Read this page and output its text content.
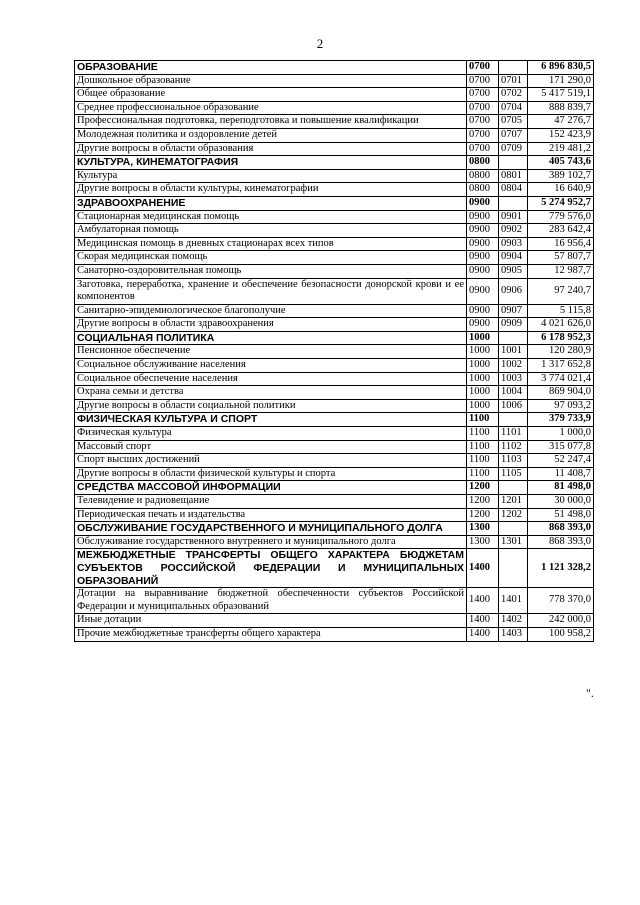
2
ОБРАЗОВАНИЕ	0700		6 896 830,5
Дошкольное образование	0700	0701	171 290,0
Общее образование	0700	0702	5 417 519,1
Среднее профессиональное образование	0700	0704	888 839,7
Профессиональная подготовка, переподготовка и повышение квалификации	0700	0705	47 276,7
Молодежная политика и оздоровление детей	0700	0707	152 423,9
Другие вопросы в области образования	0700	0709	219 481,2
КУЛЬТУРА, КИНЕМАТОГРАФИЯ	0800		405 743,6
Культура	0800	0801	389 102,7
Другие вопросы в области культуры, кинематографии	0800	0804	16 640,9
ЗДРАВООХРАНЕНИЕ	0900		5 274 952,7
Стационарная медицинская помощь	0900	0901	779 576,0
Амбулаторная помощь	0900	0902	283 642,4
Медицинская помощь в дневных стационарах всех типов	0900	0903	16 956,4
Скорая медицинская помощь	0900	0904	57 807,7
Санаторно-оздоровительная помощь	0900	0905	12 987,7
Заготовка, переработка, хранение и обеспечение безопасности донорской крови и ее компонентов	0900	0906	97 240,7
Санитарно-эпидемиологическое благополучие	0900	0907	5 115,8
Другие вопросы в области здравоохранения	0900	0909	4 021 626,0
СОЦИАЛЬНАЯ ПОЛИТИКА	1000		6 178 952,3
Пенсионное обеспечение	1000	1001	120 280,9
Социальное обслуживание населения	1000	1002	1 317 652,8
Социальное обеспечение населения	1000	1003	3 774 021,4
Охрана семьи и детства	1000	1004	869 904,0
Другие вопросы в области социальной политики	1000	1006	97 093,2
ФИЗИЧЕСКАЯ КУЛЬТУРА И СПОРТ	1100		379 733,9
Физическая культура	1100	1101	1 000,0
Массовый спорт	1100	1102	315 077,8
Спорт высших достижений	1100	1103	52 247,4
Другие вопросы в области физической культуры и спорта	1100	1105	11 408,7
СРЕДСТВА МАССОВОЙ ИНФОРМАЦИИ	1200		81 498,0
Телевидение и радиовещание	1200	1201	30 000,0
Периодическая печать и издательства	1200	1202	51 498,0
ОБСЛУЖИВАНИЕ ГОСУДАРСТВЕННОГО И МУНИЦИПАЛЬНОГО ДОЛГА	1300		868 393,0
Обслуживание государственного внутреннего и муниципального долга	1300	1301	868 393,0
МЕЖБЮДЖЕТНЫЕ ТРАНСФЕРТЫ ОБЩЕГО ХАРАКТЕРА БЮДЖЕТАМ СУБЪЕКТОВ РОССИЙСКОЙ ФЕДЕРАЦИИ И МУНИЦИПАЛЬНЫХ ОБРАЗОВАНИЙ	1400		1 121 328,2
Дотации на выравнивание бюджетной обеспеченности субъектов Российской Федерации и муниципальных образований	1400	1401	778 370,0
Иные дотации	1400	1402	242 000,0
Прочие межбюджетные трансферты общего характера	1400	1403	100 958,2
".
